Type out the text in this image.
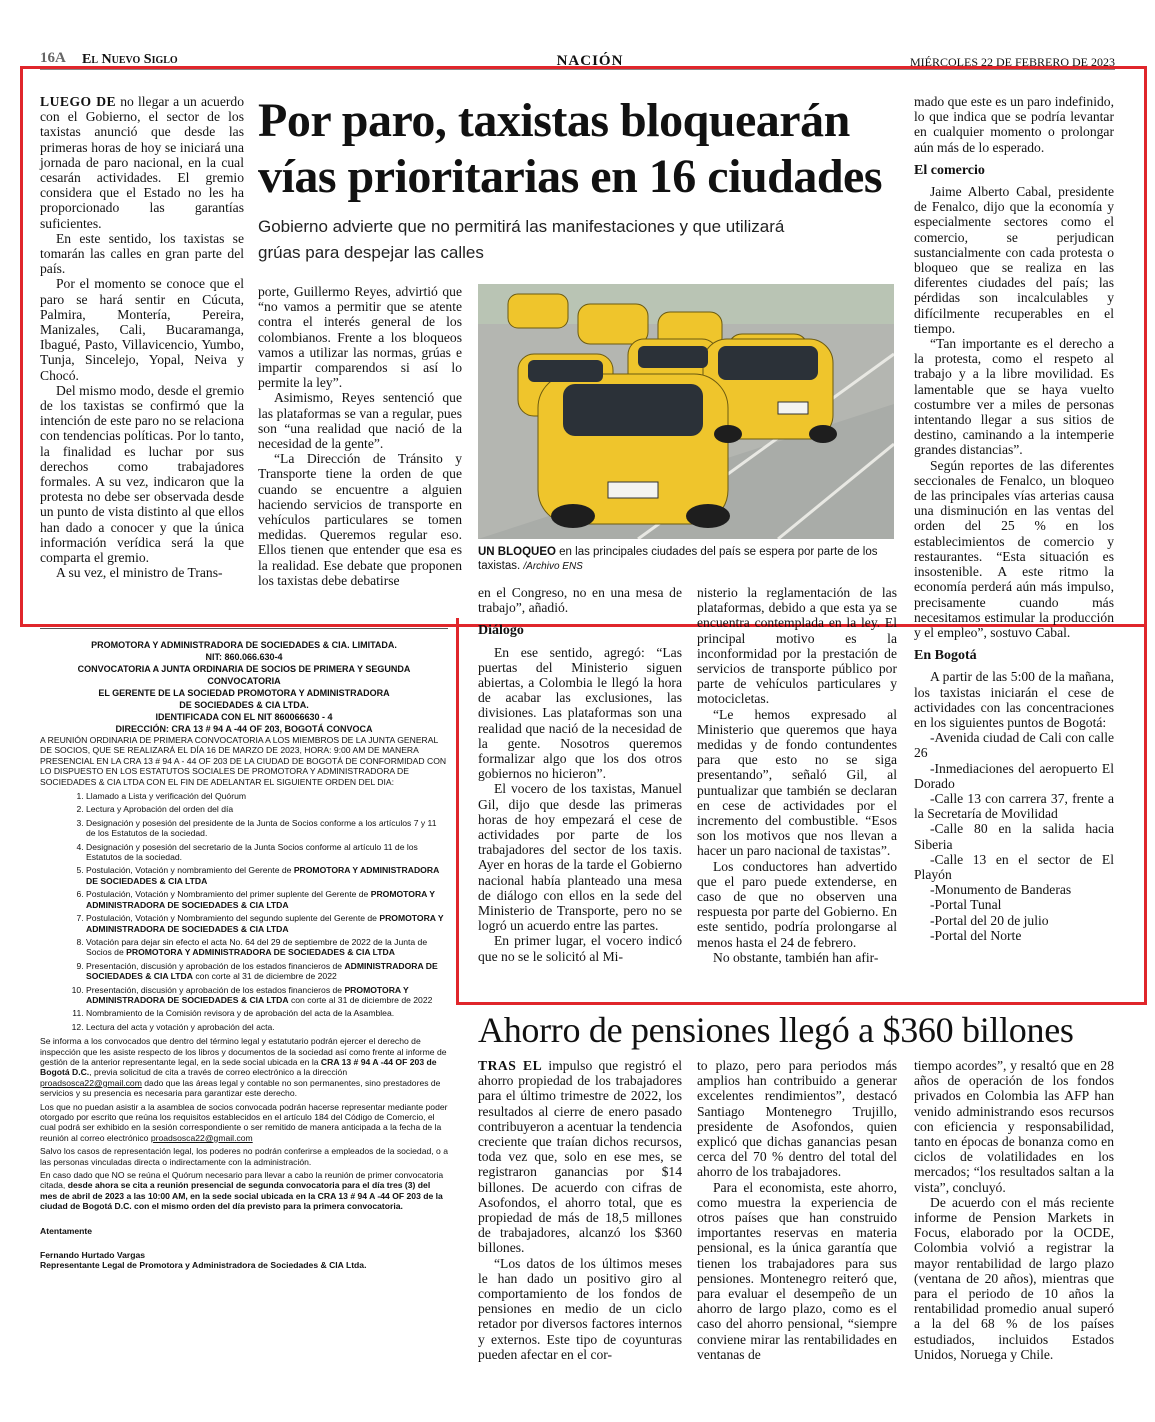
16A El Nuevo Siglo	NACIÓN	MIÉRCOLES 22 DE FEBRERO DE 2023
Por paro, taxistas bloquearán
vías prioritarias en 16 ciudades
Gobierno advierte que no permitirá las manifestaciones y que utilizará
grúas para despejar las calles

LUEGO DE no llegar a un acuerdo con el Gobierno, el sector de los taxistas anunció que desde las primeras horas de hoy se iniciará una jornada de paro nacional, en la cual cesarán actividades. El gremio considera que el Estado no les ha proporcionado las garantías suficientes.

En este sentido, los taxistas se tomarán las calles en gran parte del país.

Por el momento se conoce que el paro se hará sentir en Cúcuta, Palmira, Montería, Pereira, Manizales, Cali, Bucaramanga, Ibagué, Pasto, Villavicencio, Yumbo, Tunja, Sincelejo, Yopal, Neiva y Chocó.

Del mismo modo, desde el gremio de los taxistas se confirmó que la intención de este paro no se relaciona con tendencias políticas. Por lo tanto, la finalidad es luchar por sus derechos como trabajadores formales. A su vez, indicaron que la protesta no debe ser observada desde un punto de vista distinto al que ellos han dado a conocer y que la única información verídica será la que comparta el gremio.

A su vez, el ministro de Trans-

porte, Guillermo Reyes, advirtió que “no vamos a permitir que se atente contra el interés general de los colombianos. Frente a los bloqueos vamos a utilizar las normas, grúas e impartir comparendos si así lo permite la ley”.

Asimismo, Reyes sentenció que las plataformas se van a regular, pues son “una realidad que nació de la necesidad de la gente”.

“La Dirección de Tránsito y Transporte tiene la orden de que cuando se encuentre a alguien haciendo servicios de transporte en vehículos particulares se tomen medidas. Queremos regular eso. Ellos tienen que entender que esa es la realidad. Ese debate que proponen los taxistas debe debatirse

UN BLOQUEO en las principales ciudades del país se espera por parte de los taxistas. /Archivo ENS

en el Congreso, no en una mesa de trabajo”, añadió.

Diálogo

En ese sentido, agregó: “Las puertas del Ministerio siguen abiertas, a Colombia le llegó la hora de acabar las exclusiones, las divisiones. Las plataformas son una realidad que nació de la necesidad de la gente. Nosotros queremos formalizar algo que los dos otros gobiernos no hicieron”.

El vocero de los taxistas, Manuel Gil, dijo que desde las primeras horas de hoy empezará el cese de actividades por parte de los trabajadores del sector de los taxis. Ayer en horas de la tarde el Gobierno nacional había planteado una mesa de diálogo con ellos en la sede del Ministerio de Transporte, pero no se logró un acuerdo entre las partes.

En primer lugar, el vocero indicó que no se le solicitó al Mi-

nisterio la reglamentación de las plataformas, debido a que esta ya se encuentra contemplada en la ley. El principal motivo es la inconformidad por la prestación de servicios de transporte público por parte de vehículos particulares y motocicletas.

“Le hemos expresado al Ministerio que queremos que haya medidas y de fondo contundentes para que esto no se siga presentando”, señaló Gil, al puntualizar que también se declaran en cese de actividades por el incremento del combustible. “Esos son los motivos que nos llevan a hacer un paro nacional de taxistas”.

Los conductores han advertido que el paro puede extenderse, en caso de que no observen una respuesta por parte del Gobierno. En este sentido, podría prolongarse al menos hasta el 24 de febrero.

No obstante, también han afir-

mado que este es un paro indefinido, lo que indica que se podría levantar en cualquier momento o prolongar aún más de lo esperado.

El comercio

Jaime Alberto Cabal, presidente de Fenalco, dijo que la economía y especialmente sectores como el comercio, se perjudican sustancialmente con cada protesta o bloqueo que se realiza en las diferentes ciudades del país; las pérdidas son incalculables y difícilmente recuperables en el tiempo.

“Tan importante es el derecho a la protesta, como el respeto al trabajo y a la libre movilidad. Es lamentable que se haya vuelto costumbre ver a miles de personas intentando llegar a sus sitios de destino, caminando a la intemperie grandes distancias”.

Según reportes de las diferentes seccionales de Fenalco, un bloqueo de las principales vías arterias causa una disminución en las ventas del orden del 25 % en los establecimientos de comercio y restaurantes. “Esta situación es insostenible. A este ritmo la economía perderá aún más impulso, precisamente cuando más necesitamos estimular la producción y el empleo”, sostuvo Cabal.

En Bogotá

A partir de las 5:00 de la mañana, los taxistas iniciarán el cese de actividades con las concentraciones en los siguientes puntos de Bogotá:

-Avenida ciudad de Cali con calle 26

-Inmediaciones del aeropuerto El Dorado

-Calle 13 con carrera 37, frente a la Secretaría de Movilidad

-Calle 80 en la salida hacia Siberia

-Calle 13 en el sector de El Playón

-Monumento de Banderas

-Portal Tunal

-Portal del 20 de julio

-Portal del Norte

PROMOTORA Y ADMINISTRADORA DE SOCIEDADES & CIA. LIMITADA.
NIT: 860.066.630-4
CONVOCATORIA A JUNTA ORDINARIA DE SOCIOS DE PRIMERA Y SEGUNDA CONVOCATORIA
EL GERENTE DE LA SOCIEDAD PROMOTORA Y ADMINISTRADORA
DE SOCIEDADES & CIA LTDA.
IDENTIFICADA CON EL NIT 860066630 - 4
DIRECCIÓN: CRA 13 # 94 A -44 OF 203, BOGOTÁ CONVOCA

A REUNIÓN ORDINARIA DE PRIMERA CONVOCATORIA A LOS MIEMBROS DE LA JUNTA GENERAL DE SOCIOS, QUE SE REALIZARÁ EL DÍA 16 DE MARZO DE 2023, HORA: 9:00 AM DE MANERA PRESENCIAL EN LA CRA 13 # 94 A - 44 OF 203 DE LA CIUDAD DE BOGOTÁ DE CONFORMIDAD CON LO DISPUESTO EN LOS ESTATUTOS SOCIALES DE PROMOTORA Y ADMINISTRADORA DE SOCIEDADES & CIA LTDA CON EL FIN DE ADELANTAR EL SIGUIENTE ORDEN DEL DIA:

1. Llamado a Lista y verificación del Quórum
2. Lectura y Aprobación del orden del día
3. Designación y posesión del presidente de la Junta de Socios conforme a los artículos 7 y 11 de los Estatutos de la sociedad.
4. Designación y posesión del secretario de la Junta Socios conforme al artículo 11 de los Estatutos de la sociedad.
5. Postulación, Votación y nombramiento del Gerente de PROMOTORA Y ADMINISTRADORA DE SOCIEDADES & CIA LTDA
6. Postulación, Votación y Nombramiento del primer suplente del Gerente de PROMOTORA Y ADMINISTRADORA DE SOCIEDADES & CIA LTDA
7. Postulación, Votación y Nombramiento del segundo suplente del Gerente de PROMOTORA Y ADMINISTRADORA DE SOCIEDADES & CIA LTDA
8. Votación para dejar sin efecto el acta No. 64 del 29 de septiembre de 2022 de la Junta de Socios de PROMOTORA Y ADMINISTRADORA DE SOCIEDADES & CIA LTDA
9. Presentación, discusión y aprobación de los estados financieros de ADMINISTRADORA DE SOCIEDADES & CIA LTDA con corte al 31 de diciembre de 2022
10. Presentación, discusión y aprobación de los estados financieros de PROMOTORA Y ADMINISTRADORA DE SOCIEDADES & CIA LTDA con corte al 31 de diciembre de 2022
11. Nombramiento de la Comisión revisora y de aprobación del acta de la Asamblea.
12. Lectura del acta y votación y aprobación del acta.

Se informa a los convocados que dentro del término legal y estatutario podrán ejercer el derecho de inspección que les asiste respecto de los libros y documentos de la sociedad así como frente al informe de gestión de la anterior representante legal, en la sede social ubicada en la CRA 13 # 94 A -44 OF 203 de Bogotá D.C., previa solicitud de cita a través de correo electrónico a la dirección proadsosca22@gmail.com dado que las áreas legal y contable no son permanentes, sino prestadores de servicios y su presencia es necesaria para garantizar este derecho.

Los que no puedan asistir a la asamblea de socios convocada podrán hacerse representar mediante poder otorgado por escrito que reúna los requisitos establecidos en el artículo 184 del Código de Comercio, el cual podrá ser exhibido en la sesión correspondiente o ser remitido de manera anticipada a la fecha de la reunión al correo electrónico proadsosca22@gmail.com

Salvo los casos de representación legal, los poderes no podrán conferirse a empleados de la sociedad, o a las personas vinculadas directa o indirectamente con la administración.

En caso dado que NO se reúna el Quórum necesario para llevar a cabo la reunión de primer convocatoria citada, desde ahora se cita a reunión presencial de segunda convocatoria para el día tres (3) del mes de abril de 2023 a las 10:00 AM, en la sede social ubicada en la CRA 13 # 94 A -44 OF 203 de la ciudad de Bogotá D.C. con el mismo orden del día previsto para la primera convocatoria.

Atentamente

Fernando Hurtado Vargas

Representante Legal de Promotora y Administradora de Sociedades & CIA Ltda.

Ahorro de pensiones llegó a $360 billones

TRAS EL impulso que registró el ahorro propiedad de los trabajadores para el último trimestre de 2022, los resultados al cierre de enero pasado contribuyeron a acentuar la tendencia creciente que traían dichos recursos, toda vez que, solo en ese mes, se registraron ganancias por $14 billones. De acuerdo con cifras de Asofondos, el ahorro total, que es propiedad de más de 18,5 millones de trabajadores, alcanzó los $360 billones.

“Los datos de los últimos meses le han dado un positivo giro al comportamiento de los fondos de pensiones en medio de un ciclo retador por diversos factores internos y externos. Este tipo de coyunturas pueden afectar en el cor-

to plazo, pero para periodos más amplios han contribuido a generar excelentes rendimientos”, destacó Santiago Montenegro Trujillo, presidente de Asofondos, quien explicó que dichas ganancias pesan cerca del 70 % dentro del total del ahorro de los trabajadores.

Para el economista, este ahorro, como muestra la experiencia de otros países que han construido importantes reservas en materia pensional, es la única garantía que tienen los trabajadores para sus pensiones. Montenegro reiteró que, para evaluar el desempeño de un ahorro de largo plazo, como es el caso del ahorro pensional, “siempre conviene mirar las rentabilidades en ventanas de

tiempo acordes”, y resaltó que en 28 años de operación de los fondos privados en Colombia las AFP han venido administrando esos recursos con eficiencia y responsabilidad, tanto en épocas de bonanza como en ciclos de volatilidades en los mercados; “los resultados saltan a la vista”, concluyó.

De acuerdo con el más reciente informe de Pension Markets in Focus, elaborado por la OCDE, Colombia volvió a registrar la mayor rentabilidad de largo plazo (ventana de 20 años), mientras que para el periodo de 10 años la rentabilidad promedio anual superó a la del 68 % de los países estudiados, incluidos Estados Unidos, Noruega y Chile.
